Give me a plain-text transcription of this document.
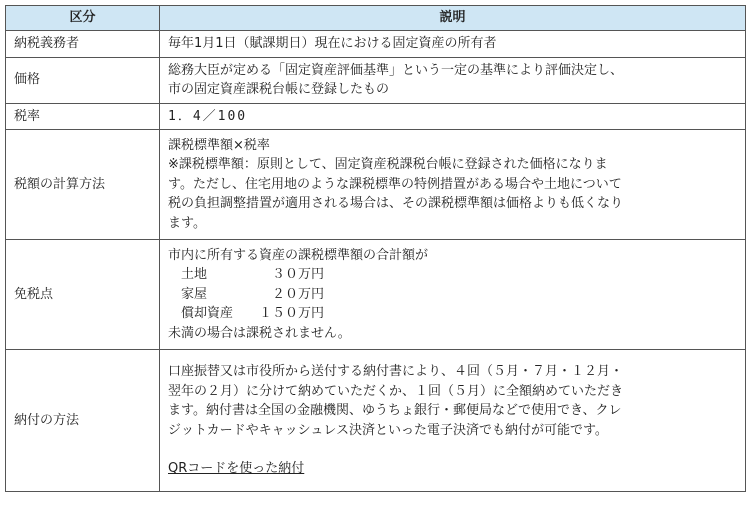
区分	説明
納税義務者	毎年1月1日（賦課期日）現在における固定資産の所有者

価格	総務大臣が定める「固定資産評価基準」という一定の基準により評価決定し、
市の固定資産課税台帳に登録したもの

税率	1．4／100

税額の計算方法	課税標準額×税率
※課税標準額：原則として、固定資産税課税台帳に登録された価格になりま
す。ただし、住宅用地のような課税標準の特例措置がある場合や土地について
税の負担調整措置が適用される場合は、その課税標準額は価格よりも低くなり
ます。

免税点	市内に所有する資産の課税標準額の合計額が
　土地　　　　　３０万円
　家屋　　　　　２０万円
　償却資産　　１５０万円
未満の場合は課税されません。

納付の方法	口座振替又は市役所から送付する納付書により、４回（５月・７月・１２月・
翌年の２月）に分けて納めていただくか、１回（５月）に全額納めていただき
ます。納付書は全国の金融機関、ゆうちょ銀行・郵便局などで使用でき、クレ
ジットカードやキャッシュレス決済といった電子決済でも納付が可能です。
QRコードを使った納付
